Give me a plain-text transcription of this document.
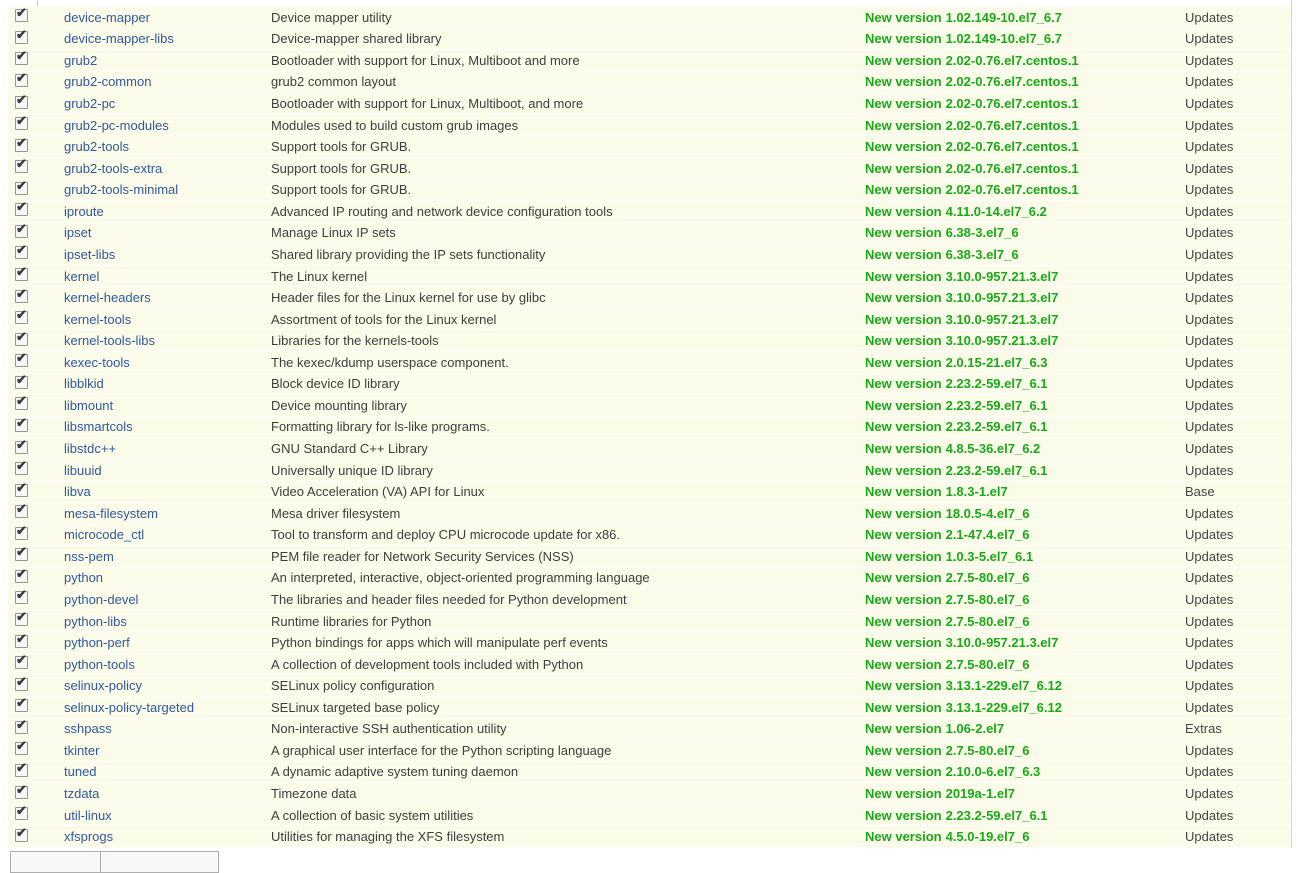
✔	device-mapper	Device mapper utility	New version 1.02.149-10.el7_6.7	Updates
✔	device-mapper-libs	Device-mapper shared library	New version 1.02.149-10.el7_6.7	Updates
✔	grub2	Bootloader with support for Linux, Multiboot and more	New version 2.02-0.76.el7.centos.1	Updates
✔	grub2-common	grub2 common layout	New version 2.02-0.76.el7.centos.1	Updates
✔	grub2-pc	Bootloader with support for Linux, Multiboot, and more	New version 2.02-0.76.el7.centos.1	Updates
✔	grub2-pc-modules	Modules used to build custom grub images	New version 2.02-0.76.el7.centos.1	Updates
✔	grub2-tools	Support tools for GRUB.	New version 2.02-0.76.el7.centos.1	Updates
✔	grub2-tools-extra	Support tools for GRUB.	New version 2.02-0.76.el7.centos.1	Updates
✔	grub2-tools-minimal	Support tools for GRUB.	New version 2.02-0.76.el7.centos.1	Updates
✔	iproute	Advanced IP routing and network device configuration tools	New version 4.11.0-14.el7_6.2	Updates
✔	ipset	Manage Linux IP sets	New version 6.38-3.el7_6	Updates
✔	ipset-libs	Shared library providing the IP sets functionality	New version 6.38-3.el7_6	Updates
✔	kernel	The Linux kernel	New version 3.10.0-957.21.3.el7	Updates
✔	kernel-headers	Header files for the Linux kernel for use by glibc	New version 3.10.0-957.21.3.el7	Updates
✔	kernel-tools	Assortment of tools for the Linux kernel	New version 3.10.0-957.21.3.el7	Updates
✔	kernel-tools-libs	Libraries for the kernels-tools	New version 3.10.0-957.21.3.el7	Updates
✔	kexec-tools	The kexec/kdump userspace component.	New version 2.0.15-21.el7_6.3	Updates
✔	libblkid	Block device ID library	New version 2.23.2-59.el7_6.1	Updates
✔	libmount	Device mounting library	New version 2.23.2-59.el7_6.1	Updates
✔	libsmartcols	Formatting library for ls-like programs.	New version 2.23.2-59.el7_6.1	Updates
✔	libstdc++	GNU Standard C++ Library	New version 4.8.5-36.el7_6.2	Updates
✔	libuuid	Universally unique ID library	New version 2.23.2-59.el7_6.1	Updates
✔	libva	Video Acceleration (VA) API for Linux	New version 1.8.3-1.el7	Base
✔	mesa-filesystem	Mesa driver filesystem	New version 18.0.5-4.el7_6	Updates
✔	microcode_ctl	Tool to transform and deploy CPU microcode update for x86.	New version 2.1-47.4.el7_6	Updates
✔	nss-pem	PEM file reader for Network Security Services (NSS)	New version 1.0.3-5.el7_6.1	Updates
✔	python	An interpreted, interactive, object-oriented programming language	New version 2.7.5-80.el7_6	Updates
✔	python-devel	The libraries and header files needed for Python development	New version 2.7.5-80.el7_6	Updates
✔	python-libs	Runtime libraries for Python	New version 2.7.5-80.el7_6	Updates
✔	python-perf	Python bindings for apps which will manipulate perf events	New version 3.10.0-957.21.3.el7	Updates
✔	python-tools	A collection of development tools included with Python	New version 2.7.5-80.el7_6	Updates
✔	selinux-policy	SELinux policy configuration	New version 3.13.1-229.el7_6.12	Updates
✔	selinux-policy-targeted	SELinux targeted base policy	New version 3.13.1-229.el7_6.12	Updates
✔	sshpass	Non-interactive SSH authentication utility	New version 1.06-2.el7	Extras
✔	tkinter	A graphical user interface for the Python scripting language	New version 2.7.5-80.el7_6	Updates
✔	tuned	A dynamic adaptive system tuning daemon	New version 2.10.0-6.el7_6.3	Updates
✔	tzdata	Timezone data	New version 2019a-1.el7	Updates
✔	util-linux	A collection of basic system utilities	New version 2.23.2-59.el7_6.1	Updates
✔	xfsprogs	Utilities for managing the XFS filesystem	New version 4.5.0-19.el7_6	Updates
